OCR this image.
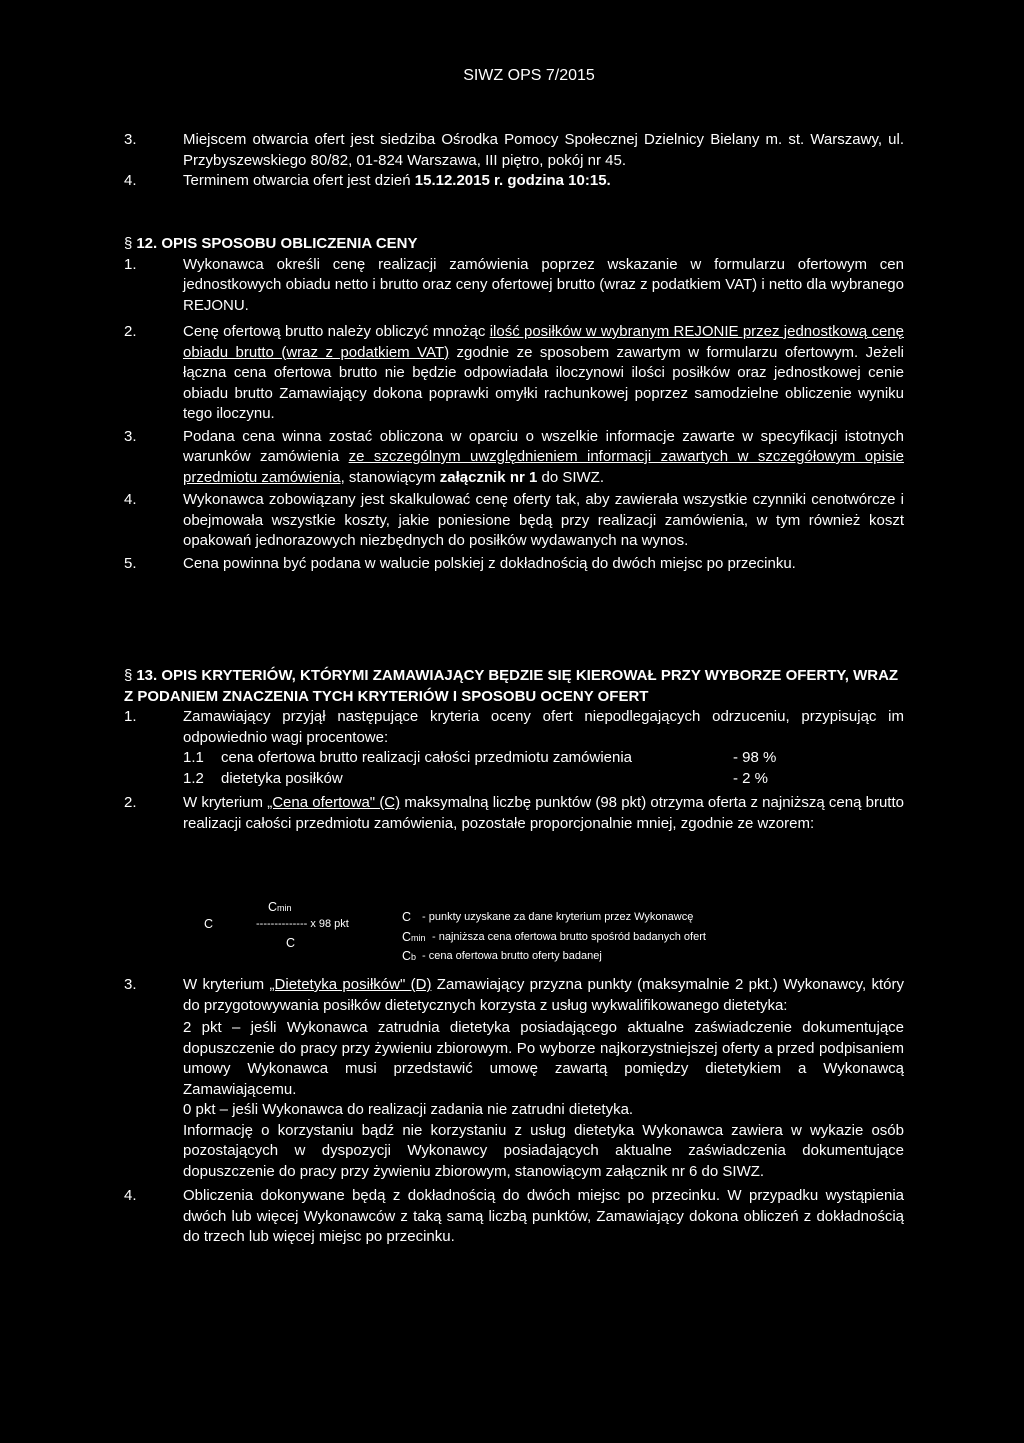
SIWZ OPS 7/2015
3.	Miejscem otwarcia ofert jest siedziba Ośrodka Pomocy Społecznej Dzielnicy Bielany m. st. Warszawy, ul. Przybyszewskiego 80/82, 01-824 Warszawa, III piętro, pokój nr 45.
4.	Terminem otwarcia ofert jest dzień 15.12.2015 r. godzina 10:15.

§ 12. OPIS SPOSOBU OBLICZENIA CENY

1.	Wykonawca określi cenę realizacji zamówienia poprzez wskazanie w formularzu ofertowym cen jednostkowych obiadu netto i brutto oraz ceny ofertowej brutto (wraz z podatkiem VAT) i netto dla wybranego REJONU.
2.	Cenę ofertową brutto należy obliczyć mnożąc ilość posiłków w wybranym REJONIE przez jednostkową cenę obiadu brutto (wraz z podatkiem VAT) zgodnie ze sposobem zawartym w formularzu ofertowym. Jeżeli łączna cena ofertowa brutto nie będzie odpowiadała iloczynowi ilości posiłków oraz jednostkowej cenie obiadu brutto Zamawiający dokona poprawki omyłki rachunkowej poprzez samodzielne obliczenie wyniku tego iloczynu.
3.	Podana cena winna zostać obliczona w oparciu o wszelkie informacje zawarte w specyfikacji istotnych warunków zamówienia ze szczególnym uwzględnieniem informacji zawartych w szczegółowym opisie przedmiotu zamówienia, stanowiącym załącznik nr 1 do SIWZ.
4.	Wykonawca zobowiązany jest skalkulować cenę oferty tak, aby zawierała wszystkie czynniki cenotwórcze i obejmowała wszystkie koszty, jakie poniesione będą przy realizacji zamówienia, w tym również koszt opakowań jednorazowych niezbędnych do posiłków wydawanych na wynos.
5.	Cena powinna być podana w walucie polskiej z dokładnością do dwóch miejsc po przecinku.

§ 13. OPIS KRYTERIÓW, KTÓRYMI ZAMAWIAJĄCY BĘDZIE SIĘ KIEROWAŁ PRZY WYBORZE OFERTY, WRAZ Z PODANIEM ZNACZENIA TYCH KRYTERIÓW I SPOSOBU OCENY OFERT

1.	Zamawiający przyjął następujące kryteria oceny ofert niepodlegających odrzuceniu, przypisując im odpowiednio wagi procentowe:
1.1	cena ofertowa brutto realizacji całości przedmiotu zamówienia	- 98 %
1.2	dietetyka posiłków	- 2 %
2.	W kryterium „Cena ofertowa" (C) maksymalną liczbę punktów (98 pkt) otrzyma oferta z najniższą ceną brutto realizacji całości przedmiotu zamówienia, pozostałe proporcjonalnie mniej, zgodnie ze wzorem:
C
Cmin
-------------- x 98 pkt
C
C - punkty uzyskane za dane kryterium przez Wykonawcę
Cmin - najniższa cena ofertowa brutto spośród badanych ofert
Cb - cena ofertowa brutto oferty badanej
3.	W kryterium „Dietetyka posiłków" (D) Zamawiający przyzna punkty (maksymalnie 2 pkt.) Wykonawcy, który do przygotowywania posiłków dietetycznych korzysta z usług wykwalifikowanego dietetyka:
2 pkt – jeśli Wykonawca zatrudnia dietetyka posiadającego aktualne zaświadczenie dokumentujące dopuszczenie do pracy przy żywieniu zbiorowym. Po wyborze najkorzystniejszej oferty a przed podpisaniem umowy Wykonawca musi przedstawić umowę zawartą pomiędzy dietetykiem a Wykonawcą Zamawiającemu.
0 pkt – jeśli Wykonawca do realizacji zadania nie zatrudni dietetyka.
Informację o korzystaniu bądź nie korzystaniu z usług dietetyka Wykonawca zawiera w wykazie osób pozostających w dyspozycji Wykonawcy posiadających aktualne zaświadczenia dokumentujące dopuszczenie do pracy przy żywieniu zbiorowym, stanowiącym załącznik nr 6 do SIWZ.
4.	Obliczenia dokonywane będą z dokładnością do dwóch miejsc po przecinku. W przypadku wystąpienia dwóch lub więcej Wykonawców z taką samą liczbą punktów, Zamawiający dokona obliczeń z dokładnością do trzech lub więcej miejsc po przecinku.
